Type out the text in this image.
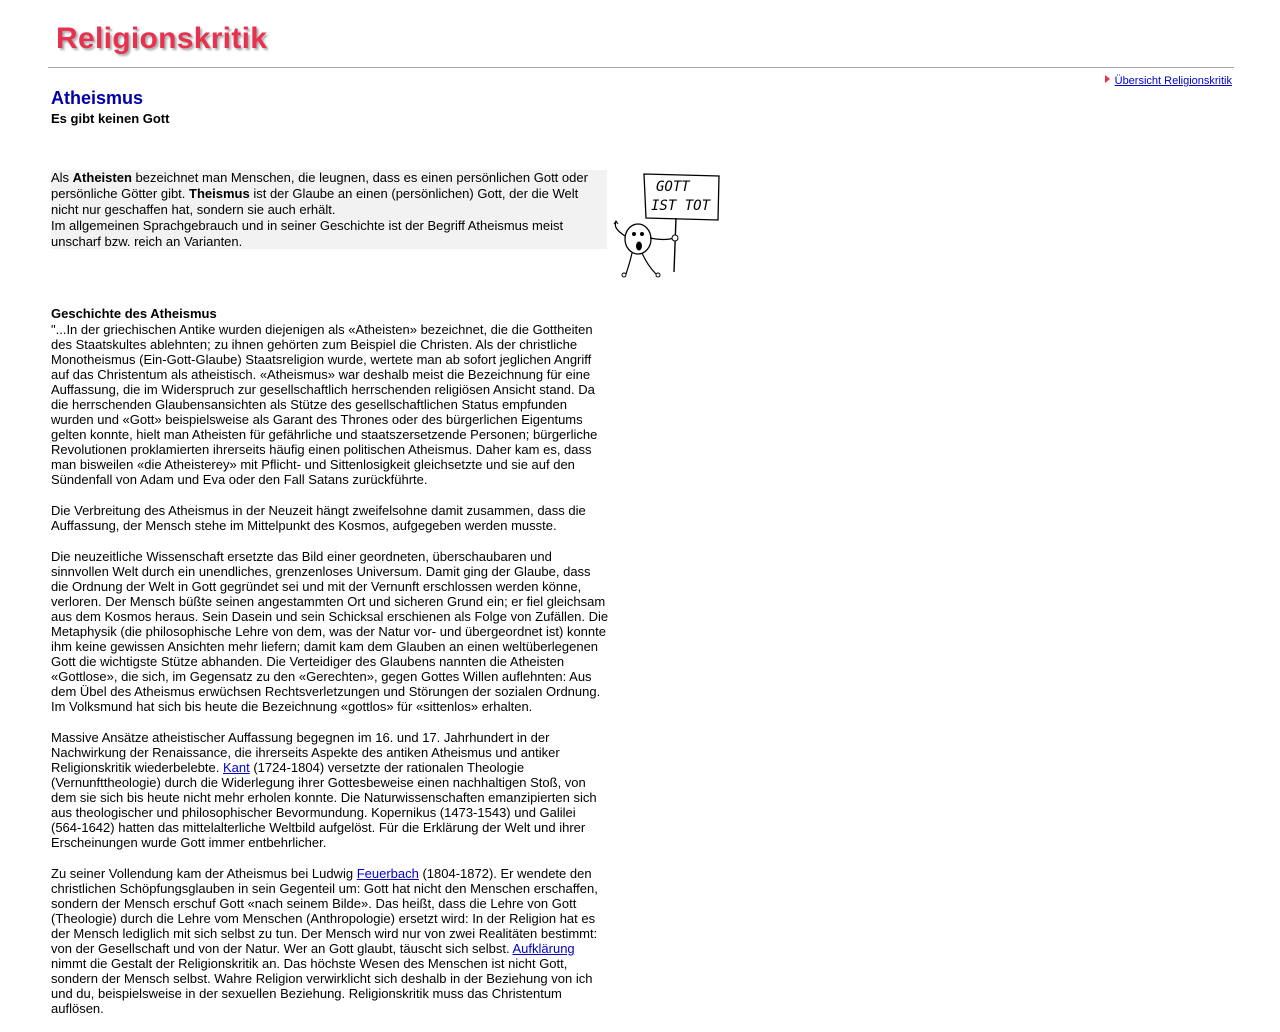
Religionskritik
Übersicht Religionskritik
Atheismus
Es gibt keinen Gott

Als Atheisten bezeichnet man Menschen, die leugnen, dass es einen persönlichen Gott oder persönliche Götter gibt. Theismus ist der Glaube an einen (persönlichen) Gott, der die Welt nicht nur geschaffen hat, sondern sie auch erhält.

Im allgemeinen Sprachgebrauch und in seiner Geschichte ist der Begriff Atheismus meist unscharf bzw. reich an Varianten.

GOTT
IST TOT
Geschichte des Atheismus

"...In der griechischen Antike wurden diejenigen als «Atheisten» bezeichnet, die die Gottheiten des Staatskultes ablehnten; zu ihnen gehörten zum Beispiel die Christen. Als der christliche Monotheismus (Ein-Gott-Glaube) Staatsreligion wurde, wertete man ab sofort jeglichen Angriff auf das Christentum als atheistisch. «Atheismus» war deshalb meist die Bezeichnung für eine Auffassung, die im Widerspruch zur gesellschaftlich herrschenden religiösen Ansicht stand. Da die herrschenden Glaubensansichten als Stütze des gesellschaftlichen Status empfunden wurden und «Gott» beispielsweise als Garant des Thrones oder des bürgerlichen Eigentums gelten konnte, hielt man Atheisten für gefährliche und staatszersetzende Personen; bürgerliche Revolutionen proklamierten ihrerseits häufig einen politischen Atheismus. Daher kam es, dass man bisweilen «die Atheisterey» mit Pflicht- und Sittenlosigkeit gleichsetzte und sie auf den Sündenfall von Adam und Eva oder den Fall Satans zurückführte.

Die Verbreitung des Atheismus in der Neuzeit hängt zweifelsohne damit zusammen, dass die Auffassung, der Mensch stehe im Mittelpunkt des Kosmos, aufgegeben werden musste.

Die neuzeitliche Wissenschaft ersetzte das Bild einer geordneten, überschaubaren und sinnvollen Welt durch ein unendliches, grenzenloses Universum. Damit ging der Glaube, dass die Ordnung der Welt in Gott gegründet sei und mit der Vernunft erschlossen werden könne, verloren. Der Mensch büßte seinen angestammten Ort und sicheren Grund ein; er fiel gleichsam aus dem Kosmos heraus. Sein Dasein und sein Schicksal erschienen als Folge von Zufällen. Die Metaphysik (die philosophische Lehre von dem, was der Natur vor- und übergeordnet ist) konnte ihm keine gewissen Ansichten mehr liefern; damit kam dem Glauben an einen weltüberlegenen Gott die wichtigste Stütze abhanden. Die Verteidiger des Glaubens nannten die Atheisten «Gottlose», die sich, im Gegensatz zu den «Gerechten», gegen Gottes Willen auflehnten: Aus dem Übel des Atheismus erwüchsen Rechtsverletzungen und Störungen der sozialen Ordnung. Im Volksmund hat sich bis heute die Bezeichnung «gottlos» für «sittenlos» erhalten.

Massive Ansätze atheistischer Auffassung begegnen im 16. und 17. Jahrhundert in der Nachwirkung der Renaissance, die ihrerseits Aspekte des antiken Atheismus und antiker Religionskritik wiederbelebte. Kant (1724-1804) versetzte der rationalen Theologie (Vernunfttheologie) durch die Widerlegung ihrer Gottesbeweise einen nachhaltigen Stoß, von dem sie sich bis heute nicht mehr erholen konnte. Die Naturwissenschaften emanzipierten sich aus theologischer und philosophischer Bevormundung. Kopernikus (1473-1543) und Galilei (564-1642) hatten das mittelalterliche Weltbild aufgelöst. Für die Erklärung der Welt und ihrer Erscheinungen wurde Gott immer entbehrlicher.

Zu seiner Vollendung kam der Atheismus bei Ludwig Feuerbach (1804-1872). Er wendete den christlichen Schöpfungsglauben in sein Gegenteil um: Gott hat nicht den Menschen erschaffen, sondern der Mensch erschuf Gott «nach seinem Bilde». Das heißt, dass die Lehre von Gott (Theologie) durch die Lehre vom Menschen (Anthropologie) ersetzt wird: In der Religion hat es der Mensch lediglich mit sich selbst zu tun. Der Mensch wird nur von zwei Realitäten bestimmt: von der Gesellschaft und von der Natur. Wer an Gott glaubt, täuscht sich selbst. Aufklärung nimmt die Gestalt der Religionskritik an. Das höchste Wesen des Menschen ist nicht Gott, sondern der Mensch selbst. Wahre Religion verwirklicht sich deshalb in der Beziehung von ich und du, beispielsweise in der sexuellen Beziehung. Religionskritik muss das Christentum auflösen.
